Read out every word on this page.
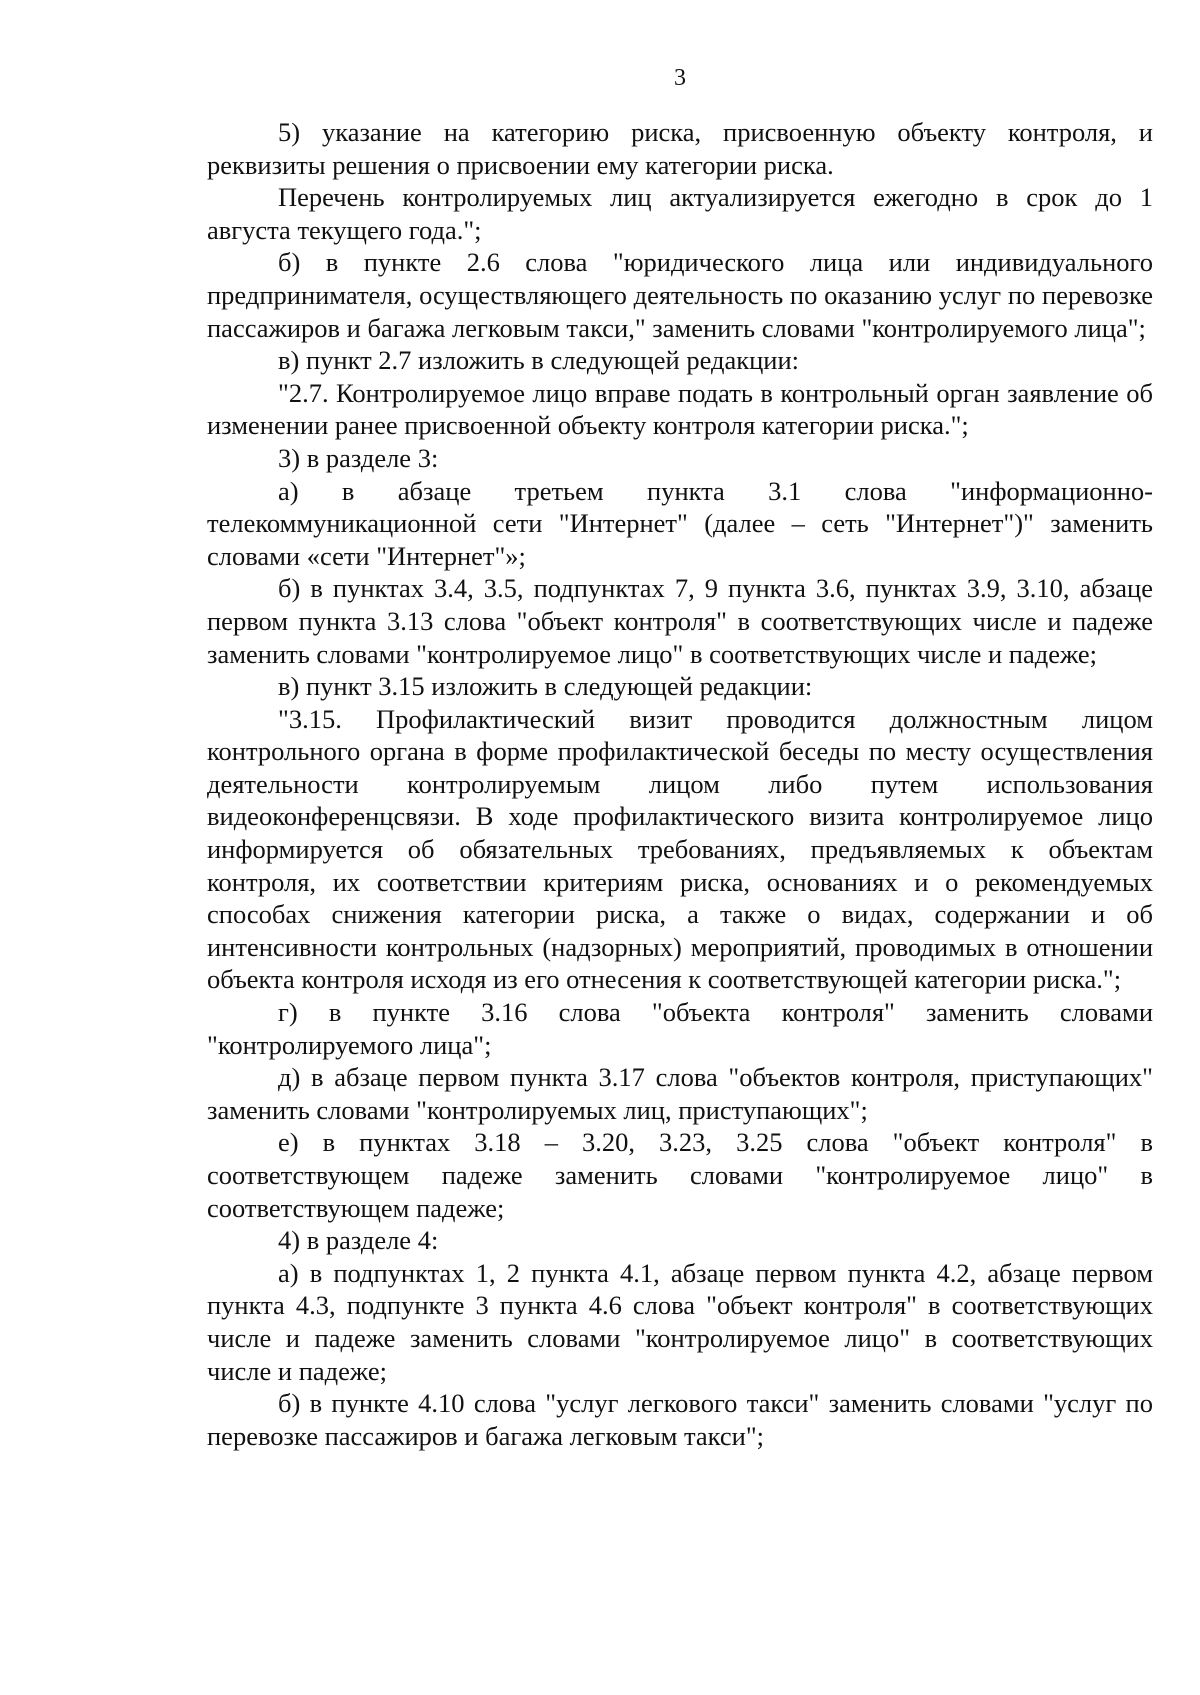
3

5) указание на категорию риска, присвоенную объекту контроля, и реквизиты решения о присвоении ему категории риска.

Перечень контролируемых лиц актуализируется ежегодно в срок до 1 августа текущего года.";

б) в пункте 2.6 слова "юридического лица или индивидуального предпринимателя, осуществляющего деятельность по оказанию услуг по перевозке пассажиров и багажа легковым такси," заменить словами "контролируемого лица";

в) пункт 2.7 изложить в следующей редакции:

"2.7. Контролируемое лицо вправе подать в контрольный орган заявление об изменении ранее присвоенной объекту контроля категории риска.";

3) в разделе 3:

а) в абзаце третьем пункта 3.1 слова "информационно-телекоммуникационной сети "Интернет" (далее – сеть "Интернет")" заменить словами «сети "Интернет"»;

б) в пунктах 3.4, 3.5, подпунктах 7, 9 пункта 3.6, пунктах 3.9, 3.10, абзаце первом пункта 3.13 слова "объект контроля" в соответствующих числе и падеже заменить словами "контролируемое лицо" в соответствующих числе и падеже;

в) пункт 3.15 изложить в следующей редакции:

"3.15. Профилактический визит проводится должностным лицом контрольного органа в форме профилактической беседы по месту осуществления деятельности контролируемым лицом либо путем использования видеоконференцсвязи. В ходе профилактического визита контролируемое лицо информируется об обязательных требованиях, предъявляемых к объектам контроля, их соответствии критериям риска, основаниях и о рекомендуемых способах снижения категории риска, а также о видах, содержании и об интенсивности контрольных (надзорных) мероприятий, проводимых в отношении объекта контроля исходя из его отнесения к соответствующей категории риска.";

г) в пункте 3.16 слова "объекта контроля" заменить словами "контролируемого лица";

д) в абзаце первом пункта 3.17 слова "объектов контроля, приступающих" заменить словами "контролируемых лиц, приступающих";

е) в пунктах 3.18 – 3.20, 3.23, 3.25 слова "объект контроля" в соответствующем падеже заменить словами "контролируемое лицо" в соответствующем падеже;

4) в разделе 4:

а) в подпунктах 1, 2 пункта 4.1, абзаце первом пункта 4.2, абзаце первом пункта 4.3, подпункте 3 пункта 4.6 слова "объект контроля" в соответствующих числе и падеже заменить словами "контролируемое лицо" в соответствующих числе и падеже;

б) в пункте 4.10 слова "услуг легкового такси" заменить словами "услуг по перевозке пассажиров и багажа легковым такси";
